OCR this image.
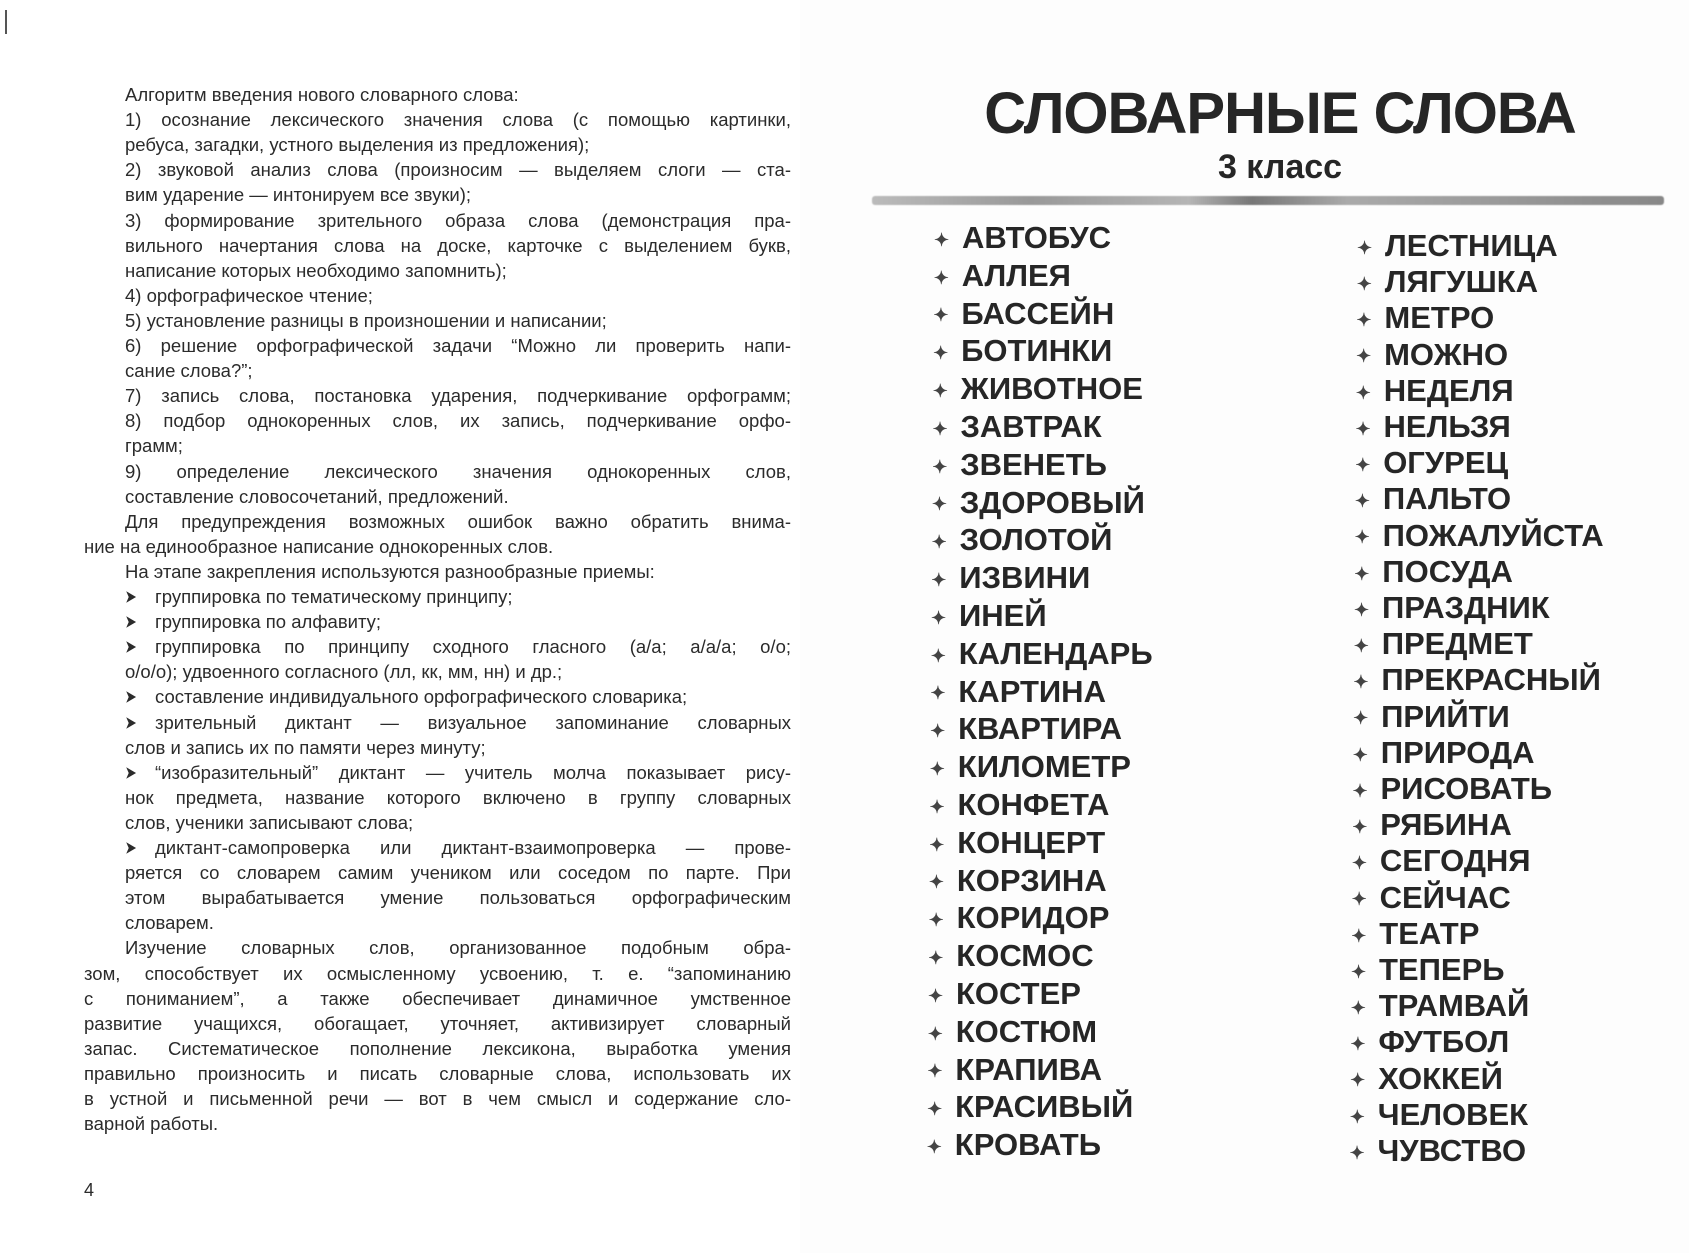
Алгоритм введения нового словарного слова:
1) осознание лексического значения слова (с помощью картинки,
ребуса, загадки, устного выделения из предложения);
2) звуковой анализ слова (произносим — выделяем слоги — ста-
вим ударение — интонируем все звуки);
3) формирование зрительного образа слова (демонстрация пра-
вильного начертания слова на доске, карточке с выделением букв,
написание которых необходимо запомнить);
4) орфографическое чтение;
5) установление разницы в произношении и написании;
6) решение орфографической задачи “Можно ли проверить напи-
сание слова?”;
7) запись слова, постановка ударения, подчеркивание орфограмм;
8) подбор однокоренных слов, их запись, подчеркивание орфо-
грамм;
9) определение лексического значения однокоренных слов,
составление словосочетаний, предложений.
Для предупреждения возможных ошибок важно обратить внима-
ние на единообразное написание однокоренных слов.
На этапе закрепления используются разнообразные приемы:
➤ группировка по тематическому принципу;
➤ группировка по алфавиту;
➤ группировка по принципу сходного гласного (а/а; а/а/а; о/о;
о/о/о); удвоенного согласного (лл, кк, мм, нн) и др.;
➤ составление индивидуального орфографического словарика;
➤ зрительный диктант — визуальное запоминание словарных
слов и запись их по памяти через минуту;
➤ “изобразительный” диктант — учитель молча показывает рису-
нок предмета, название которого включено в группу словарных
слов, ученики записывают слова;
➤ диктант-самопроверка или диктант-взаимопроверка — прове-
ряется со словарем самим учеником или соседом по парте. При
этом вырабатывается умение пользоваться орфографическим
словарем.
Изучение словарных слов, организованное подобным обра-
зом, способствует их осмысленному усвоению, т. е. “запоминанию
с пониманием”, а также обеспечивает динамичное умственное
развитие учащихся, обогащает, уточняет, активизирует словарный
запас. Систематическое пополнение лексикона, выработка умения
правильно произносить и писать словарные слова, использовать их
в устной и письменной речи — вот в чем смысл и содержание сло-
варной работы.
4
СЛОВАРНЫЕ СЛОВА
3 класс
✦ АВТОБУС
✦ АЛЛЕЯ
✦ БАССЕЙН
✦ БОТИНКИ
✦ ЖИВОТНОЕ
✦ ЗАВТРАК
✦ ЗВЕНЕТЬ
✦ ЗДОРОВЫЙ
✦ ЗОЛОТОЙ
✦ ИЗВИНИ
✦ ИНЕЙ
✦ КАЛЕНДАРЬ
✦ КАРТИНА
✦ КВАРТИРА
✦ КИЛОМЕТР
✦ КОНФЕТА
✦ КОНЦЕРТ
✦ КОРЗИНА
✦ КОРИДОР
✦ КОСМОС
✦ КОСТЕР
✦ КОСТЮМ
✦ КРАПИВА
✦ КРАСИВЫЙ
✦ КРОВАТЬ
✦ ЛЕСТНИЦА
✦ ЛЯГУШКА
✦ МЕТРО
✦ МОЖНО
✦ НЕДЕЛЯ
✦ НЕЛЬЗЯ
✦ ОГУРЕЦ
✦ ПАЛЬТО
✦ ПОЖАЛУЙСТА
✦ ПОСУДА
✦ ПРАЗДНИК
✦ ПРЕДМЕТ
✦ ПРЕКРАСНЫЙ
✦ ПРИЙТИ
✦ ПРИРОДА
✦ РИСОВАТЬ
✦ РЯБИНА
✦ СЕГОДНЯ
✦ СЕЙЧАС
✦ ТЕАТР
✦ ТЕПЕРЬ
✦ ТРАМВАЙ
✦ ФУТБОЛ
✦ ХОККЕЙ
✦ ЧЕЛОВЕК
✦ ЧУВСТВО
